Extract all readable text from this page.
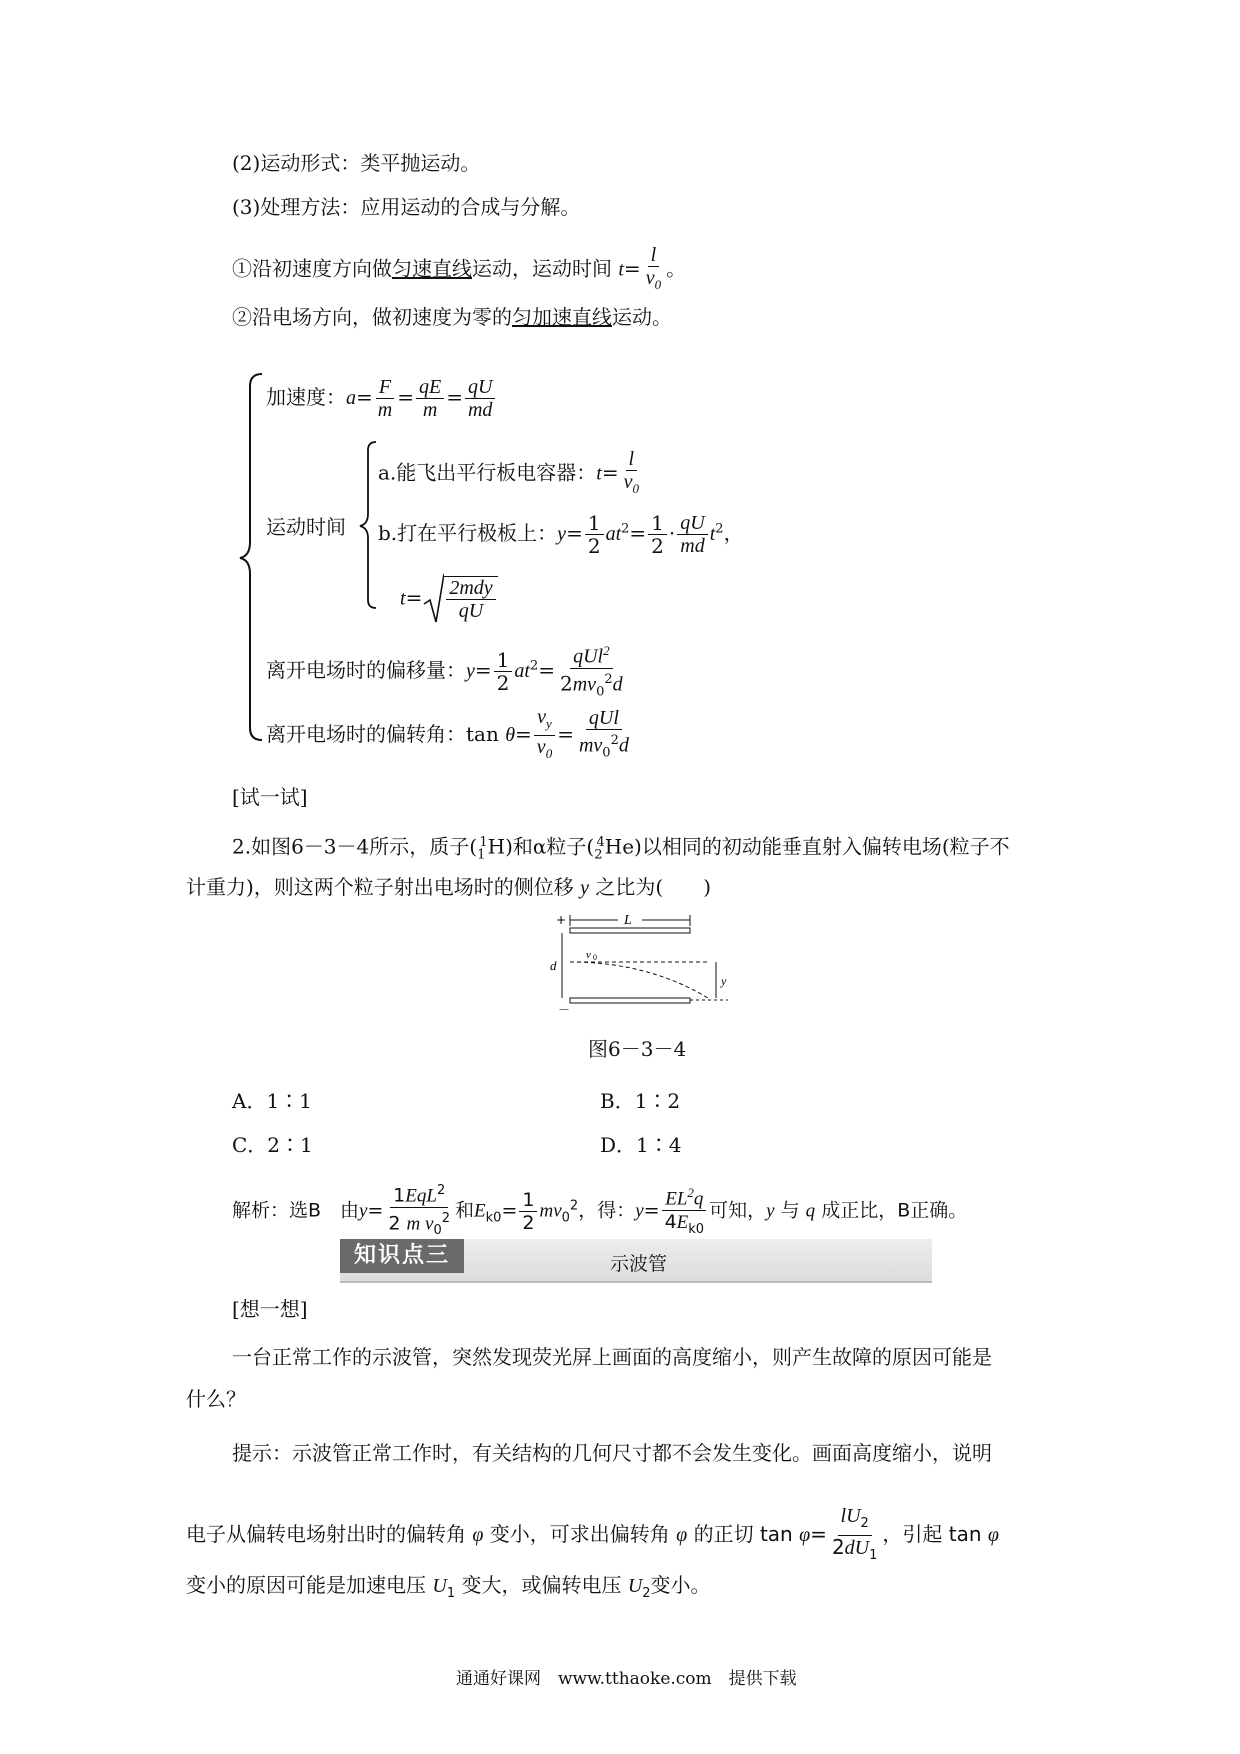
(2)运动形式：类平抛运动。
(3)处理方法：应用运动的合成与分解。
①沿初速度方向做匀速直线运动，运动时间 $t= \frac{l}{v_0}$ 。
②沿电场方向，做初速度为零的匀加速直线运动。
加速度：$a= \frac{F}{m} = \frac{qE}{m} = \frac{qU}{md}$
运动时间
a.能飞出平行板电容器：$t= \frac{l}{v_0}$
b.打在平行极板上：$y= \frac{1}{2} at^2= \frac{1}{2} \cdot \frac{qU}{md} t^2$，
$t= \frac{\text{2mdy}}{qU}$
离开电场时的偏移量：$y= \frac{1}{2} at^2= \frac{qUl^2}{2mv_0^2d}$
离开电场时的偏转角：$\tan \theta= \frac{v_y}{v_0} = \frac{\text{qUl}}{mv_0^2d}$
[试一试]
2.如图6－3－4所示，质子$(_1^1H)$和α粒子$(_2^4He)$以相同的初动能垂直射入偏转电场(粒子不
计重力)，则这两个粒子射出电场时的侧位移 y 之比为(　　)
+	L
d
v 0
y
－
图6－3－4
A．1∶1	B．1∶2
C．2∶1	D．1∶4
解析：选B　由$y= \frac{1EqL^2}{2 m v_0^2}$ 和$E_{k0}= \frac{1}{2} mv_0^2$，得：$y= \frac{EL^2q}{4E_{k0}}$ 可知，y 与 q 成正比，B正确。
知识点三	示波管
[想一想]
一台正常工作的示波管，突然发现荧光屏上画面的高度缩小，则产生故障的原因可能是
什么？
提示：示波管正常工作时，有关结构的几何尺寸都不会发生变化。画面高度缩小，说明
电子从偏转电场射出时的偏转角 φ 变小，可求出偏转角 φ 的正切 $\tan \varphi= \frac{lU_2}{2dU_1}$ ，引起 tan φ
变小的原因可能是加速电压 $U_1$ 变大，或偏转电压 $U_2$变小。
通通好课网　www.tthaoke.com　提供下载
